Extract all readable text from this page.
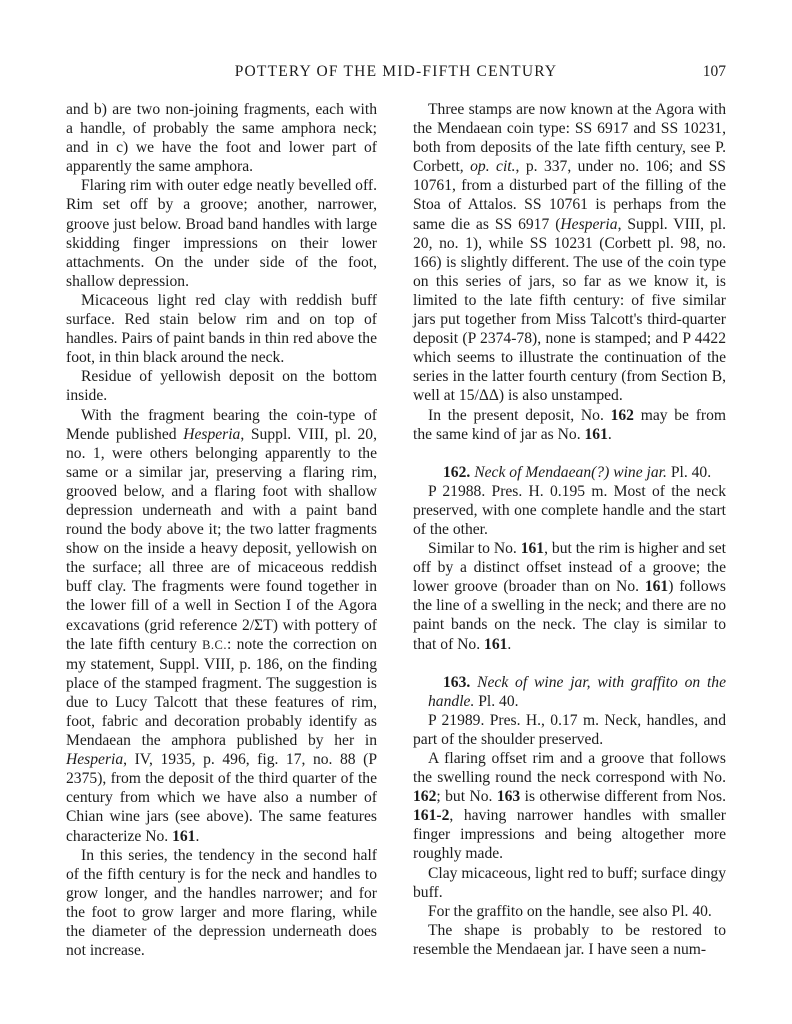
POTTERY OF THE MID-FIFTH CENTURY	107

and b) are two non-joining fragments, each with a handle, of probably the same amphora neck; and in c) we have the foot and lower part of apparently the same amphora.

Flaring rim with outer edge neatly bevelled off. Rim set off by a groove; another, narrower, groove just below. Broad band handles with large skidding finger impressions on their lower attachments. On the under side of the foot, shallow depression.

Micaceous light red clay with reddish buff surface. Red stain below rim and on top of handles. Pairs of paint bands in thin red above the foot, in thin black around the neck.

Residue of yellowish deposit on the bottom inside.

With the fragment bearing the coin-type of Mende published Hesperia, Suppl. VIII, pl. 20, no. 1, were others belonging apparently to the same or a similar jar, preserving a flaring rim, grooved below, and a flaring foot with shallow depression underneath and with a paint band round the body above it; the two latter fragments show on the inside a heavy deposit, yellowish on the surface; all three are of micaceous reddish buff clay. The fragments were found together in the lower fill of a well in Section I of the Agora excavations (grid reference 2/ΣT) with pottery of the late fifth century B.C.: note the correction on my statement, Suppl. VIII, p. 186, on the finding place of the stamped fragment. The suggestion is due to Lucy Talcott that these features of rim, foot, fabric and decoration probably identify as Mendaean the amphora published by her in Hesperia, IV, 1935, p. 496, fig. 17, no. 88 (P 2375), from the deposit of the third quarter of the century from which we have also a number of Chian wine jars (see above). The same features characterize No. 161.

In this series, the tendency in the second half of the fifth century is for the neck and handles to grow longer, and the handles narrower; and for the foot to grow larger and more flaring, while the diameter of the depression underneath does not increase.

Three stamps are now known at the Agora with the Mendaean coin type: SS 6917 and SS 10231, both from deposits of the late fifth century, see P. Corbett, op. cit., p. 337, under no. 106; and SS 10761, from a disturbed part of the filling of the Stoa of Attalos. SS 10761 is perhaps from the same die as SS 6917 (Hesperia, Suppl. VIII, pl. 20, no. 1), while SS 10231 (Corbett pl. 98, no. 166) is slightly different. The use of the coin type on this series of jars, so far as we know it, is limited to the late fifth century: of five similar jars put together from Miss Talcott's third-quarter deposit (P 2374-78), none is stamped; and P 4422 which seems to illustrate the continuation of the series in the latter fourth century (from Section B, well at 15/ΔΔ) is also unstamped.

In the present deposit, No. 162 may be from the same kind of jar as No. 161.

162. Neck of Mendaean(?) wine jar. Pl. 40.

P 21988. Pres. H. 0.195 m. Most of the neck preserved, with one complete handle and the start of the other.

Similar to No. 161, but the rim is higher and set off by a distinct offset instead of a groove; the lower groove (broader than on No. 161) follows the line of a swelling in the neck; and there are no paint bands on the neck. The clay is similar to that of No. 161.

163. Neck of wine jar, with graffito on the handle. Pl. 40.

P 21989. Pres. H., 0.17 m. Neck, handles, and part of the shoulder preserved.

A flaring offset rim and a groove that follows the swelling round the neck correspond with No. 162; but No. 163 is otherwise different from Nos. 161-2, having narrower handles with smaller finger impressions and being altogether more roughly made.

Clay micaceous, light red to buff; surface dingy buff.

For the graffito on the handle, see also Pl. 40.

The shape is probably to be restored to resemble the Mendaean jar. I have seen a num-
